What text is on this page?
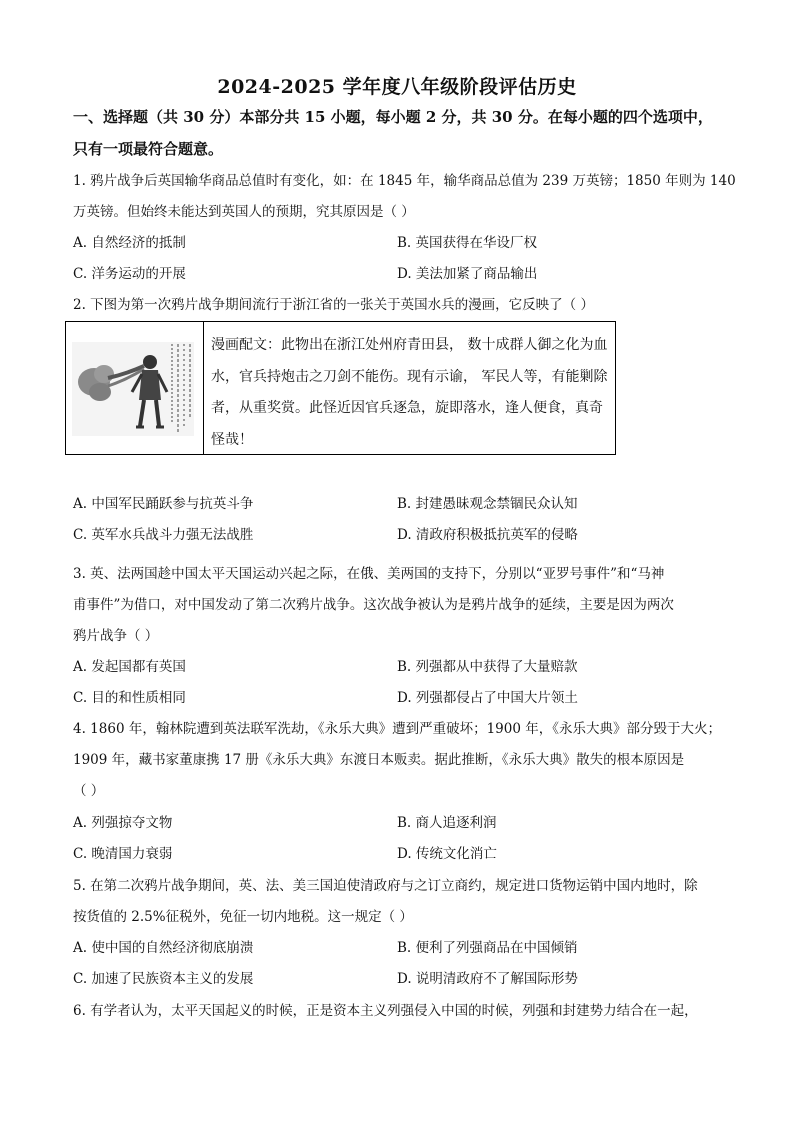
2024-2025 学年度八年级阶段评估历史
一、选择题（共 30 分）本部分共 15 小题，每小题 2 分，共 30 分。在每小题的四个选项中，
只有一项最符合题意。
1. 鸦片战争后英国输华商品总值时有变化，如：在 1845 年，输华商品总值为 239 万英镑；1850 年则为 140
万英镑。但始终未能达到英国人的预期，究其原因是（ ）
A. 自然经济的抵制	B. 英国获得在华设厂权
C. 洋务运动的开展	D. 美法加紧了商品输出
2. 下图为第一次鸦片战争期间流行于浙江省的一张关于英国水兵的漫画，它反映了（ ）
漫画配文：此物出在浙江处州府青田县， 数十成群人御之化为血水，官兵持炮击之刀剑不能伤。现有示谕， 军民人等，有能剿除者，从重奖赏。此怪近因官兵逐急，旋即落水，逢人便食，真奇怪哉！
A. 中国军民踊跃参与抗英斗争	B. 封建愚昧观念禁锢民众认知
C. 英军水兵战斗力强无法战胜	D. 清政府积极抵抗英军的侵略
3. 英、法两国趁中国太平天国运动兴起之际，在俄、美两国的支持下，分别以“亚罗号事件”和“马神
甫事件”为借口，对中国发动了第二次鸦片战争。这次战争被认为是鸦片战争的延续，主要是因为两次
鸦片战争（ ）
A. 发起国都有英国	B. 列强都从中获得了大量赔款
C. 目的和性质相同	D. 列强都侵占了中国大片领土
4. 1860 年，翰林院遭到英法联军洗劫，《永乐大典》遭到严重破坏；1900 年，《永乐大典》部分毁于大火；
1909 年，藏书家董康携 17 册《永乐大典》东渡日本贩卖。据此推断，《永乐大典》散失的根本原因是
（ ）
A. 列强掠夺文物	B. 商人追逐利润
C. 晚清国力衰弱	D. 传统文化消亡
5. 在第二次鸦片战争期间，英、法、美三国迫使清政府与之订立商约，规定进口货物运销中国内地时，除
按货值的 2.5%征税外，免征一切内地税。这一规定（ ）
A. 使中国的自然经济彻底崩溃	B. 便利了列强商品在中国倾销
C. 加速了民族资本主义的发展	D. 说明清政府不了解国际形势
6. 有学者认为，太平天国起义的时候，正是资本主义列强侵入中国的时候，列强和封建势力结合在一起，
